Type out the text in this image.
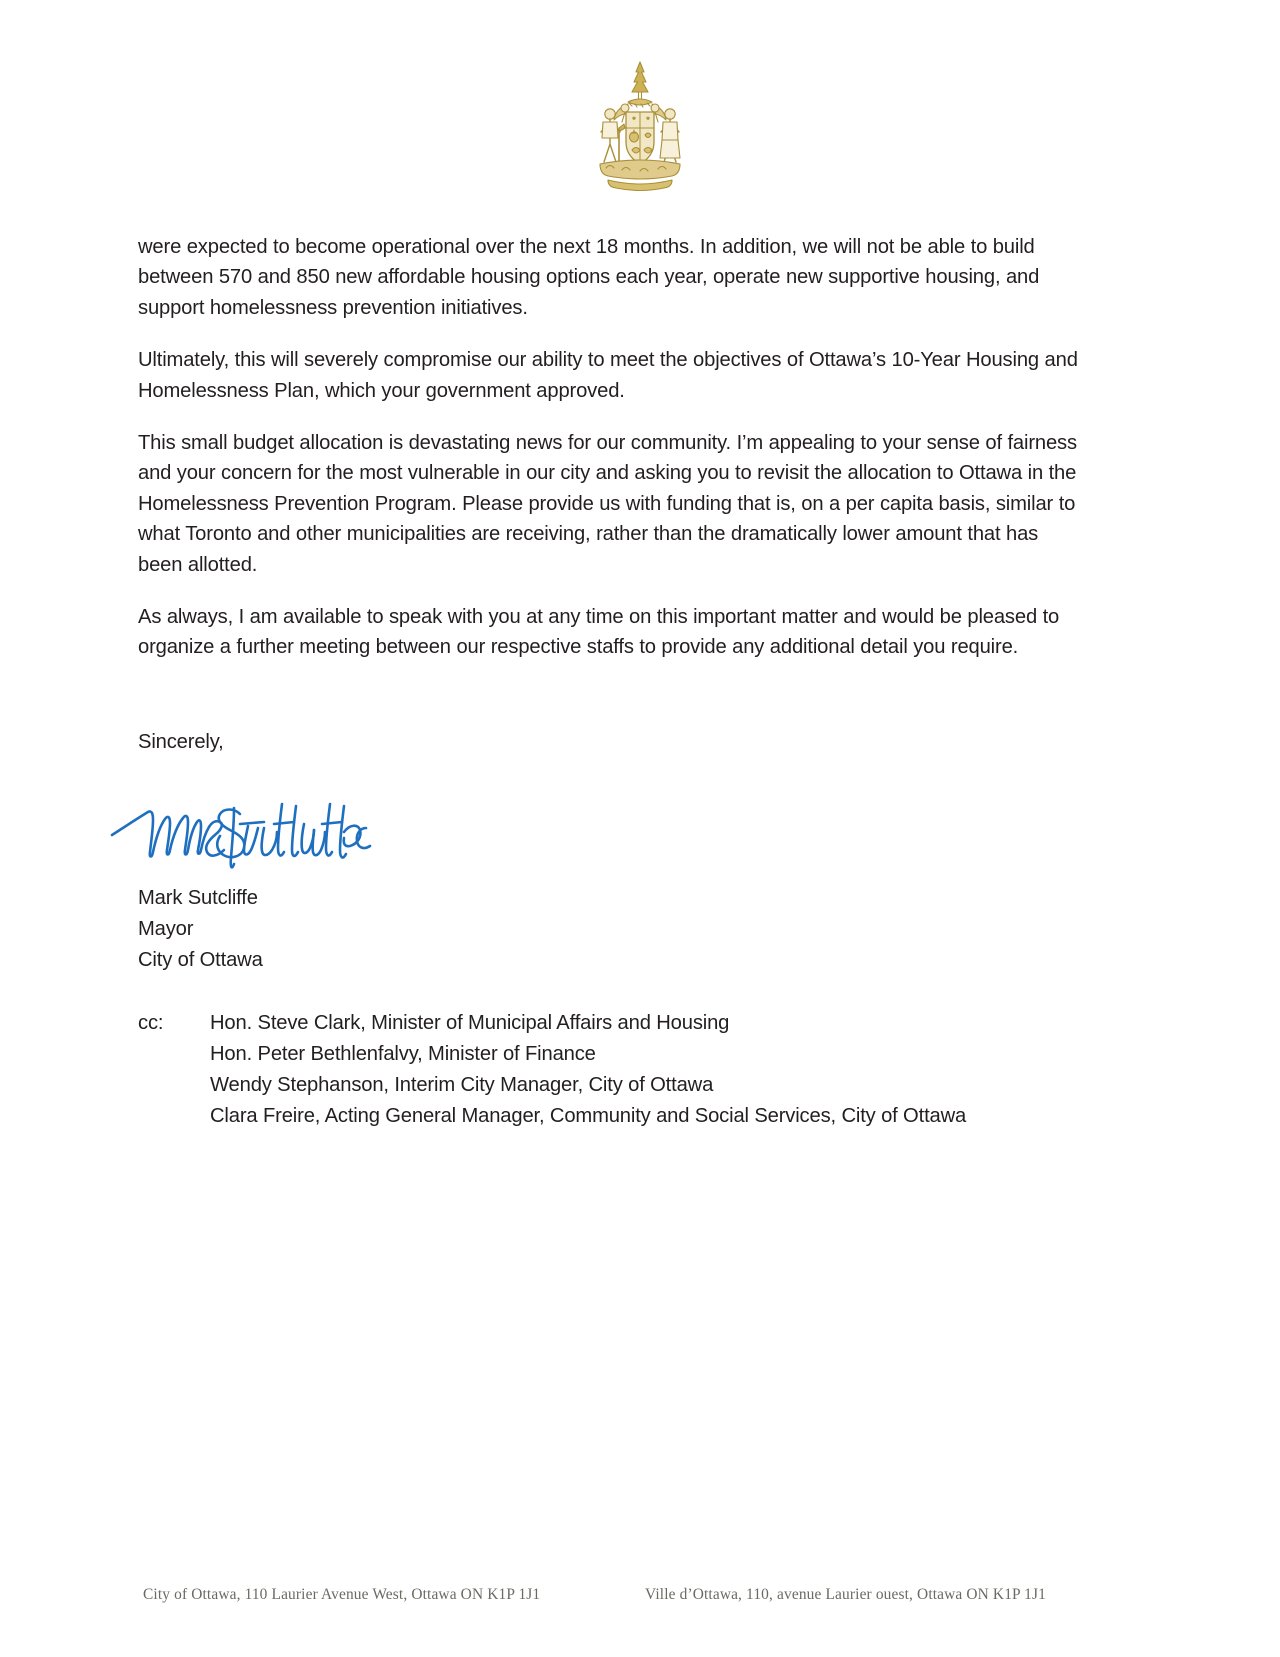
were expected to become operational over the next 18 months. In addition, we will not be able to build between 570 and 850 new affordable housing options each year, operate new supportive housing, and support homelessness prevention initiatives.

Ultimately, this will severely compromise our ability to meet the objectives of Ottawa’s 10-Year Housing and Homelessness Plan, which your government approved.

This small budget allocation is devastating news for our community. I’m appealing to your sense of fairness and your concern for the most vulnerable in our city and asking you to revisit the allocation to Ottawa in the Homelessness Prevention Program. Please provide us with funding that is, on a per capita basis, similar to what Toronto and other municipalities are receiving, rather than the dramatically lower amount that has been allotted.

As always, I am available to speak with you at any time on this important matter and would be pleased to organize a further meeting between our respective staffs to provide any additional detail you require.

Sincerely,
Mark Sutcliffe
Mayor
City of Ottawa
cc:	Hon. Steve Clark, Minister of Municipal Affairs and Housing
Hon. Peter Bethlenfalvy, Minister of Finance
Wendy Stephanson, Interim City Manager, City of Ottawa
Clara Freire, Acting General Manager, Community and Social Services, City of Ottawa
City of Ottawa, 110 Laurier Avenue West, Ottawa ON K1P 1J1	Ville d’Ottawa, 110, avenue Laurier ouest, Ottawa ON K1P 1J1
